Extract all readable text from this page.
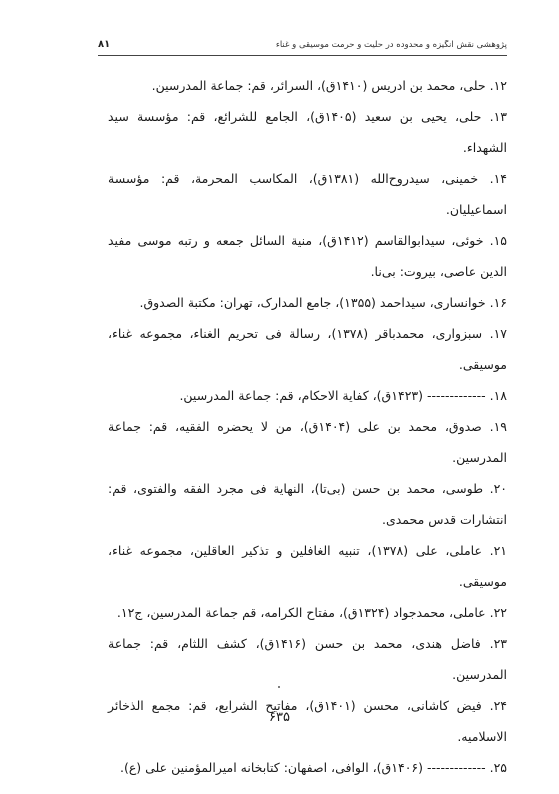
۸۱	پژوهشی نقش انگیزه و محدوده در حلیت و حرمت موسیقی و غناء

۱۲. حلی، محمد بن ادریس (۱۴۱۰ق)، السرائر، قم: جماعة المدرسین.

۱۳. حلی، یحیی بن سعید (۱۴۰۵ق)، الجامع للشرائع، قم: مؤسسة سید الشهداء.

۱۴. خمینی، سیدروح‌الله (۱۳۸۱ق)، المکاسب المحرمة، قم: مؤسسة اسماعیلیان.

۱۵. خوئی، سیدابوالقاسم (۱۴۱۲ق)، منیة السائل جمعه و رتبه موسی مفید الدین عاصی، بیروت: بی‌نا.

۱۶. خوانساری، سیداحمد (۱۳۵۵)، جامع المدارک، تهران: مکتبة الصدوق.

۱۷. سبزواری، محمدباقر (۱۳۷۸)، رسالة فی تحریم الغناء، مجموعه غناء، موسیقی.

۱۸. ------------- (۱۴۲۳ق)، کفایة الاحکام، قم: جماعة المدرسین.

۱۹. صدوق، محمد بن علی (۱۴۰۴ق)، من لا یحضره الفقیه، قم: جماعة المدرسین.

۲۰. طوسی، محمد بن حسن (بی‌تا)، النهایة فی مجرد الفقه والفتوی، قم: انتشارات قدس محمدی.

۲۱. عاملی، علی (۱۳۷۸)، تنبیه الغافلین و تذکیر العاقلین، مجموعه غناء، موسیقی.

۲۲. عاملی، محمدجواد (۱۳۲۴ق)، مفتاح الکرامه، قم جماعة المدرسین، ج۱۲.

۲۳. فاضل هندی، محمد بن حسن (۱۴۱۶ق)، کشف اللثام، قم: جماعة المدرسین.

۲۴. فیض کاشانی، محسن (۱۴۰۱ق)، مفاتیح الشرایع، قم: مجمع الذخائر الاسلامیه.

۲۵. ------------- (۱۴۰۶ق)، الوافی، اصفهان: کتابخانه امیرالمؤمنین علی (ع).

۶۳۵
